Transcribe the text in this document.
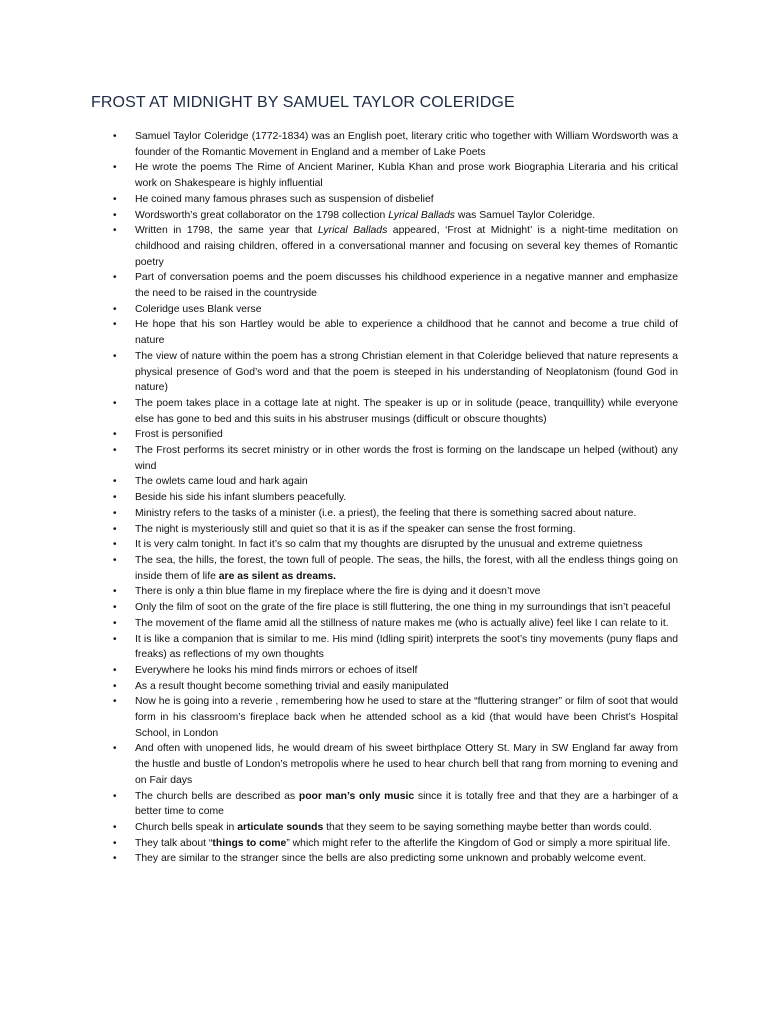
FROST AT MIDNIGHT BY SAMUEL TAYLOR COLERIDGE
• Samuel Taylor Coleridge (1772-1834) was an English poet, literary critic who together with William Wordsworth was a founder of the Romantic Movement in England and a member of Lake Poets
• He wrote the poems The Rime of Ancient Mariner, Kubla Khan and prose work Biographia Literaria and his critical work on Shakespeare is highly influential
• He coined many famous phrases such as suspension of disbelief
• Wordsworth’s great collaborator on the 1798 collection Lyrical Ballads was Samuel Taylor Coleridge.
• Written in 1798, the same year that Lyrical Ballads appeared, ‘Frost at Midnight’ is a night-time meditation on childhood and raising children, offered in a conversational manner and focusing on several key themes of Romantic poetry
• Part of conversation poems and the poem discusses his childhood experience in a negative manner and emphasize the need to be raised in the countryside
• Coleridge uses Blank verse
• He hope that his son Hartley would be able to experience a childhood that he cannot and become a true child of nature
• The view of nature within the poem has a strong Christian element in that Coleridge believed that nature represents a physical presence of God’s word and that the poem is steeped in his understanding of Neoplatonism (found God in nature)
• The poem takes place in a cottage late at night. The speaker is up or in solitude (peace, tranquillity) while everyone else has gone to bed and this suits in his abstruser musings (difficult or obscure thoughts)
• Frost is personified
• The Frost performs its secret ministry or in other words the frost is forming on the landscape un helped (without) any wind
• The owlets came loud and hark again
• Beside his side his infant slumbers peacefully.
• Ministry refers to the tasks of a minister (i.e. a priest), the feeling that there is something sacred about nature.
• The night is mysteriously still and quiet so that it is as if the speaker can sense the frost forming.
• It is very calm tonight. In fact it’s so calm that my thoughts are disrupted by the unusual and extreme quietness
• The sea, the hills, the forest, the town full of people. The seas, the hills, the forest, with all the endless things going on inside them of life are as silent as dreams.
• There is only a thin blue flame in my fireplace where the fire is dying and it doesn’t move
• Only the film of soot on the grate of the fire place is still fluttering, the one thing in my surroundings that isn’t peaceful
• The movement of the flame amid all the stillness of nature makes me (who is actually alive) feel like I can relate to it.
• It is like a companion that is similar to me. His mind (Idling spirit) interprets the soot’s tiny movements (puny flaps and freaks) as reflections of my own thoughts
• Everywhere he looks his mind finds mirrors or echoes of itself
• As a result thought become something trivial and easily manipulated
• Now he is going into a reverie , remembering how he used to stare at the “fluttering stranger” or film of soot that would form in his classroom’s fireplace back when he attended school as a kid (that would have been Christ’s Hospital School, in London
• And often with unopened lids, he would dream of his sweet birthplace Ottery St. Mary in SW England far away from the hustle and bustle of London’s metropolis where he used to hear church bell that rang from morning to evening and on Fair days
• The church bells are described as poor man’s only music since it is totally free and that they are a harbinger of a better time to come
• Church bells speak in articulate sounds that they seem to be saying something maybe better than words could.
• They talk about “things to come” which might refer to the afterlife the Kingdom of God or simply a more spiritual life.
• They are similar to the stranger since the bells are also predicting some unknown and probably welcome event.
